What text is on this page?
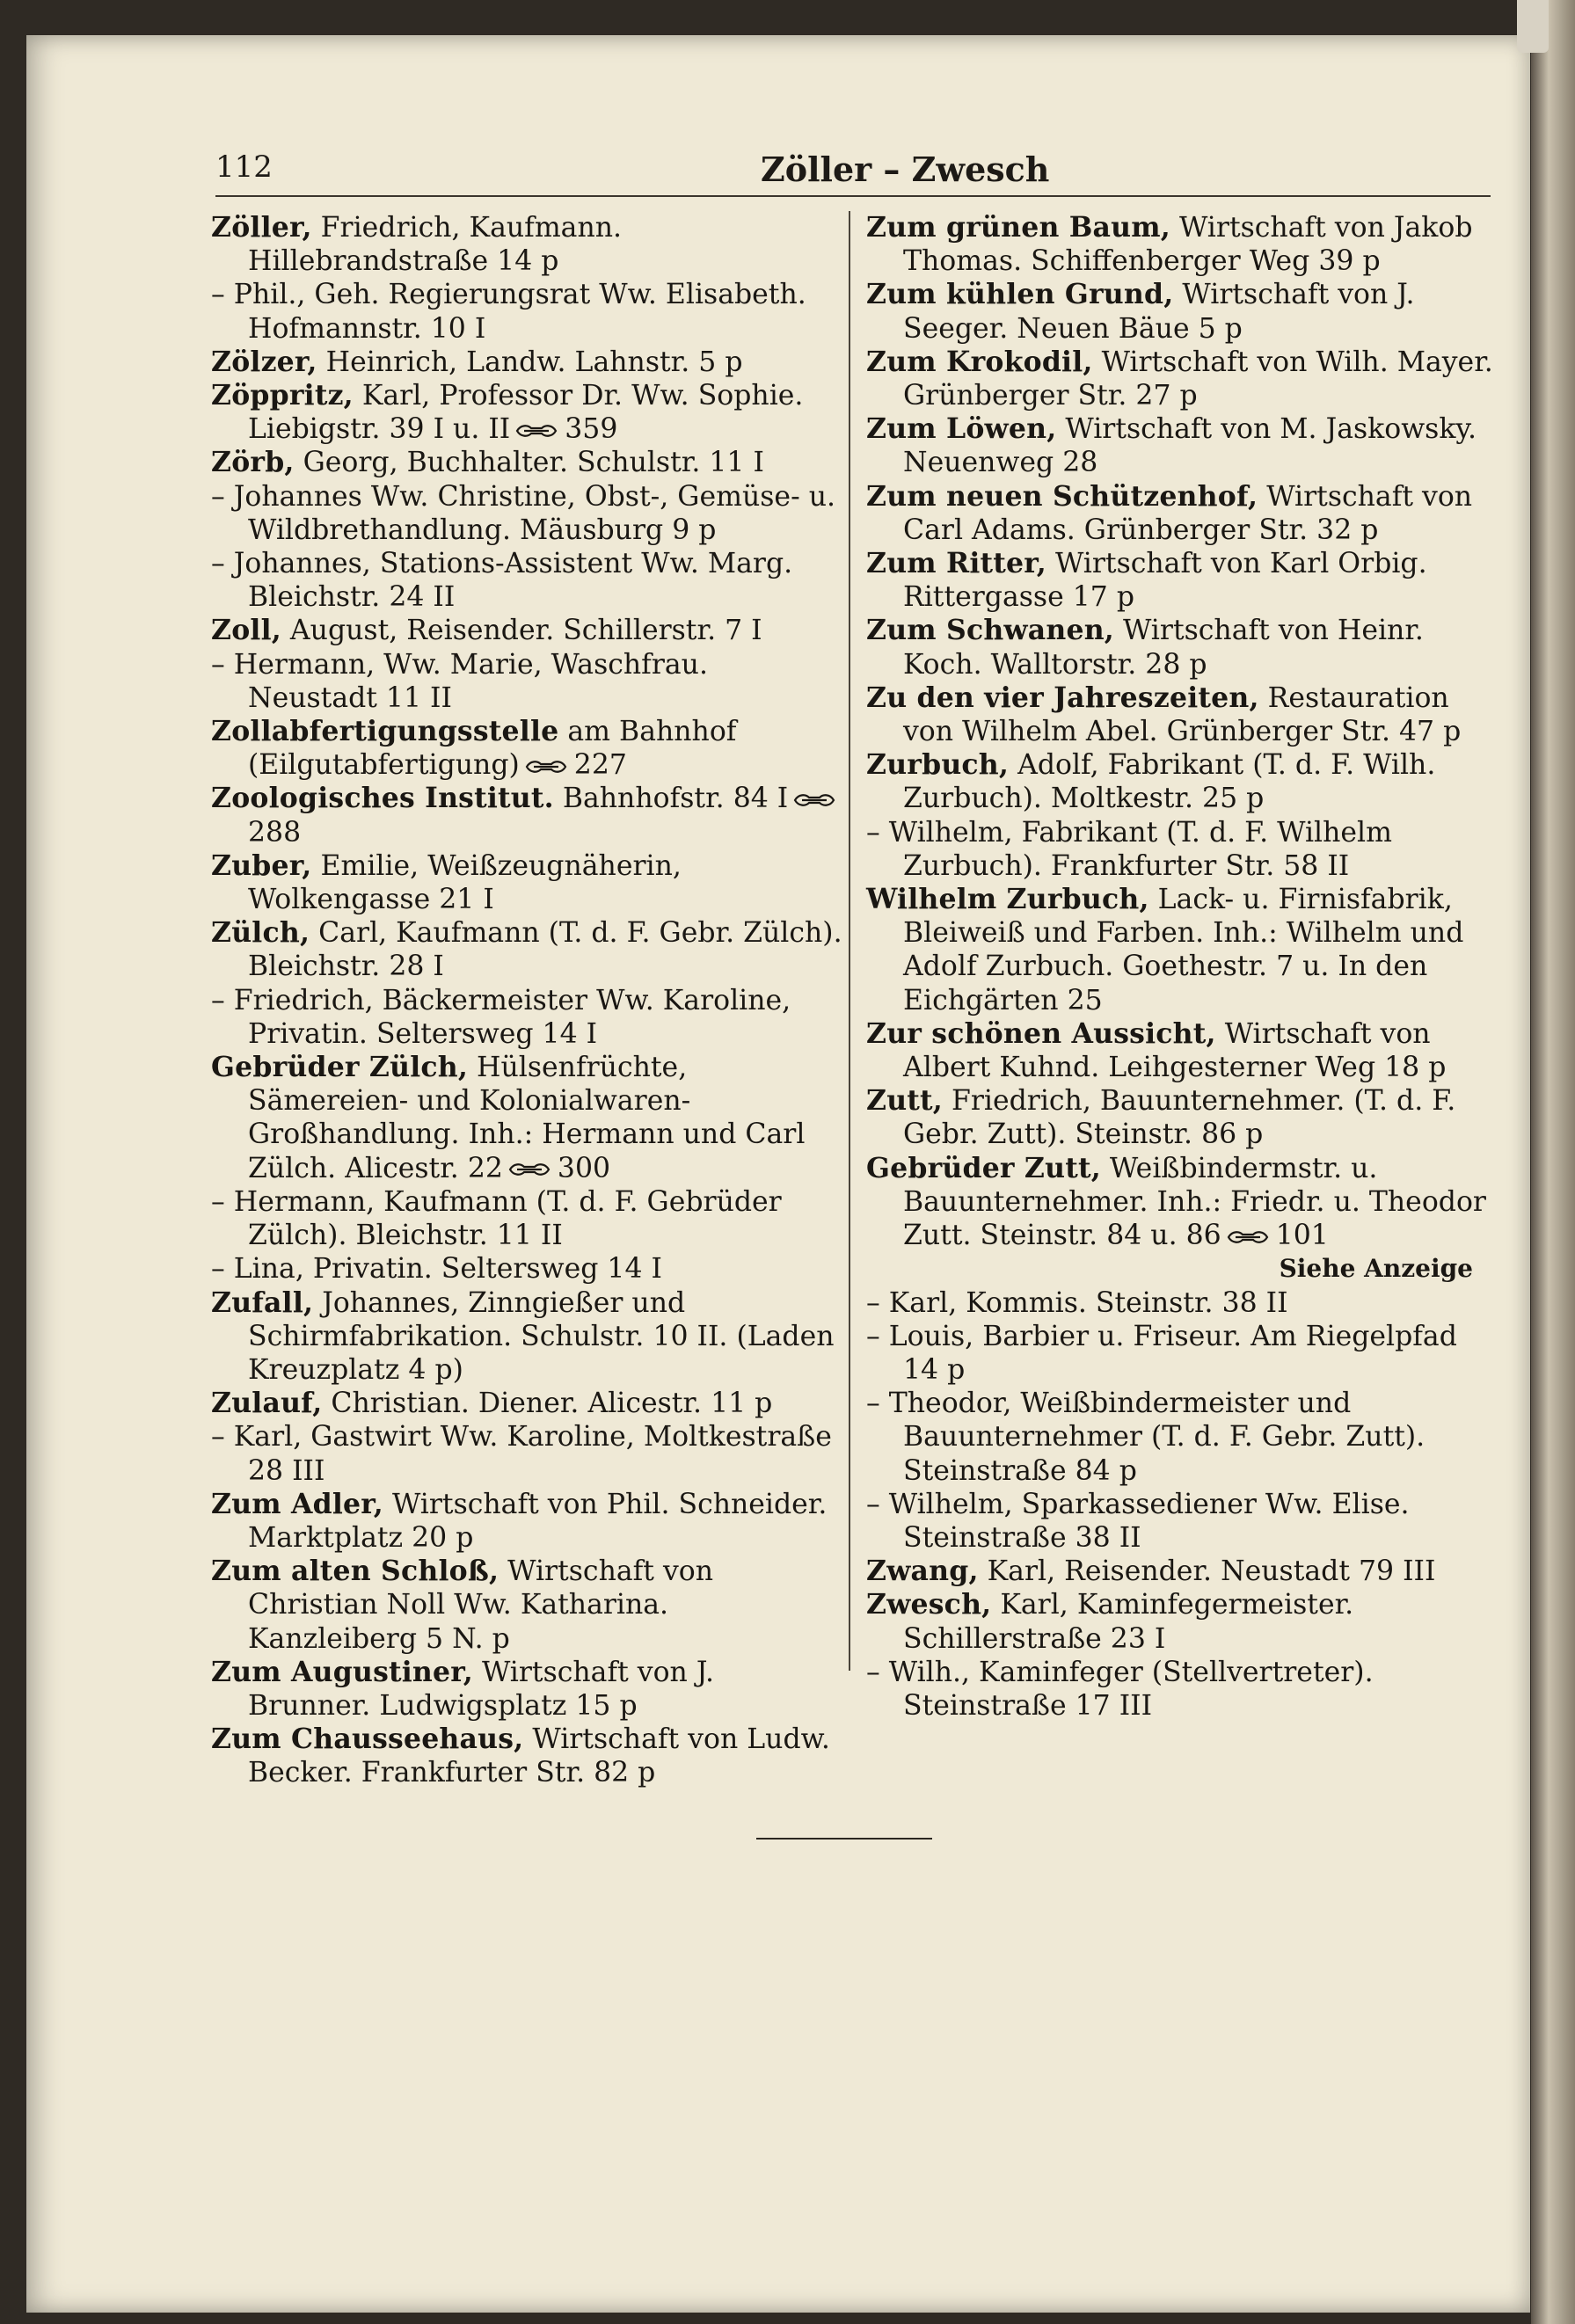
112	Zöller – Zwesch

Zöller, Friedrich, Kaufmann. Hillebrandstraße 14 p

– Phil., Geh. Regierungsrat Ww. Elisabeth. Hofmannstr. 10 I

Zölzer, Heinrich, Landw. Lahnstr. 5 p

Zöppritz, Karl, Professor Dr. Ww. Sophie. Liebigstr. 39 I u. II 359

Zörb, Georg, Buchhalter. Schulstr. 11 I

– Johannes Ww. Christine, Obst-, Gemüse- u. Wildbrethandlung. Mäusburg 9 p

– Johannes, Stations-Assistent Ww. Marg. Bleichstr. 24 II

Zoll, August, Reisender. Schillerstr. 7 I

– Hermann, Ww. Marie, Waschfrau. Neustadt 11 II

Zollabfertigungsstelle am Bahnhof (Eilgutabfertigung) 227

Zoologisches Institut. Bahnhofstr. 84 I288

Zuber, Emilie, Weißzeugnäherin, Wolkengasse 21 I

Zülch, Carl, Kaufmann (T. d. F. Gebr. Zülch). Bleichstr. 28 I

– Friedrich, Bäckermeister Ww. Karoline, Privatin. Seltersweg 14 I

Gebrüder Zülch, Hülsenfrüchte, Sämereien- und Kolonialwaren-Großhandlung. Inh.: Hermann und Carl Zülch. Alicestr. 22 300

– Hermann, Kaufmann (T. d. F. Gebrüder Zülch). Bleichstr. 11 II

– Lina, Privatin. Seltersweg 14 I

Zufall, Johannes, Zinngießer und Schirmfabrikation. Schulstr. 10 II. (Laden Kreuzplatz 4 p)

Zulauf, Christian. Diener. Alicestr. 11 p

– Karl, Gastwirt Ww. Karoline, Moltkestraße 28 III

Zum Adler, Wirtschaft von Phil. Schneider. Marktplatz 20 p

Zum alten Schloß, Wirtschaft von Christian Noll Ww. Katharina. Kanzleiberg 5 N. p

Zum Augustiner, Wirtschaft von J. Brunner. Ludwigsplatz 15 p

Zum Chausseehaus, Wirtschaft von Ludw. Becker. Frankfurter Str. 82 p

Zum grünen Baum, Wirtschaft von Jakob Thomas. Schiffenberger Weg 39 p

Zum kühlen Grund, Wirtschaft von J. Seeger. Neuen Bäue 5 p

Zum Krokodil, Wirtschaft von Wilh. Mayer. Grünberger Str. 27 p

Zum Löwen, Wirtschaft von M. Jaskowsky. Neuenweg 28

Zum neuen Schützenhof, Wirtschaft von Carl Adams. Grünberger Str. 32 p

Zum Ritter, Wirtschaft von Karl Orbig. Rittergasse 17 p

Zum Schwanen, Wirtschaft von Heinr. Koch. Walltorstr. 28 p

Zu den vier Jahreszeiten, Restauration von Wilhelm Abel. Grünberger Str. 47 p

Zurbuch, Adolf, Fabrikant (T. d. F. Wilh. Zurbuch). Moltkestr. 25 p

– Wilhelm, Fabrikant (T. d. F. Wilhelm Zurbuch). Frankfurter Str. 58 II

Wilhelm Zurbuch, Lack- u. Firnisfabrik, Bleiweiß und Farben. Inh.: Wilhelm und Adolf Zurbuch. Goethestr. 7 u. In den Eichgärten 25

Zur schönen Aussicht, Wirtschaft von Albert Kuhnd. Leihgesterner Weg 18 p

Zutt, Friedrich, Bauunternehmer. (T. d. F. Gebr. Zutt). Steinstr. 86 p

Gebrüder Zutt, Weißbindermstr. u. Bauunternehmer. Inh.: Friedr. u. Theodor Zutt. Steinstr. 84 u. 86 101

Siehe Anzeige

– Karl, Kommis. Steinstr. 38 II

– Louis, Barbier u. Friseur. Am Riegelpfad 14 p

– Theodor, Weißbindermeister und Bauunternehmer (T. d. F. Gebr. Zutt). Steinstraße 84 p

– Wilhelm, Sparkassediener Ww. Elise. Steinstraße 38 II

Zwang, Karl, Reisender. Neustadt 79 III

Zwesch, Karl, Kaminfegermeister. Schillerstraße 23 I

– Wilh., Kaminfeger (Stellvertreter). Steinstraße 17 III
